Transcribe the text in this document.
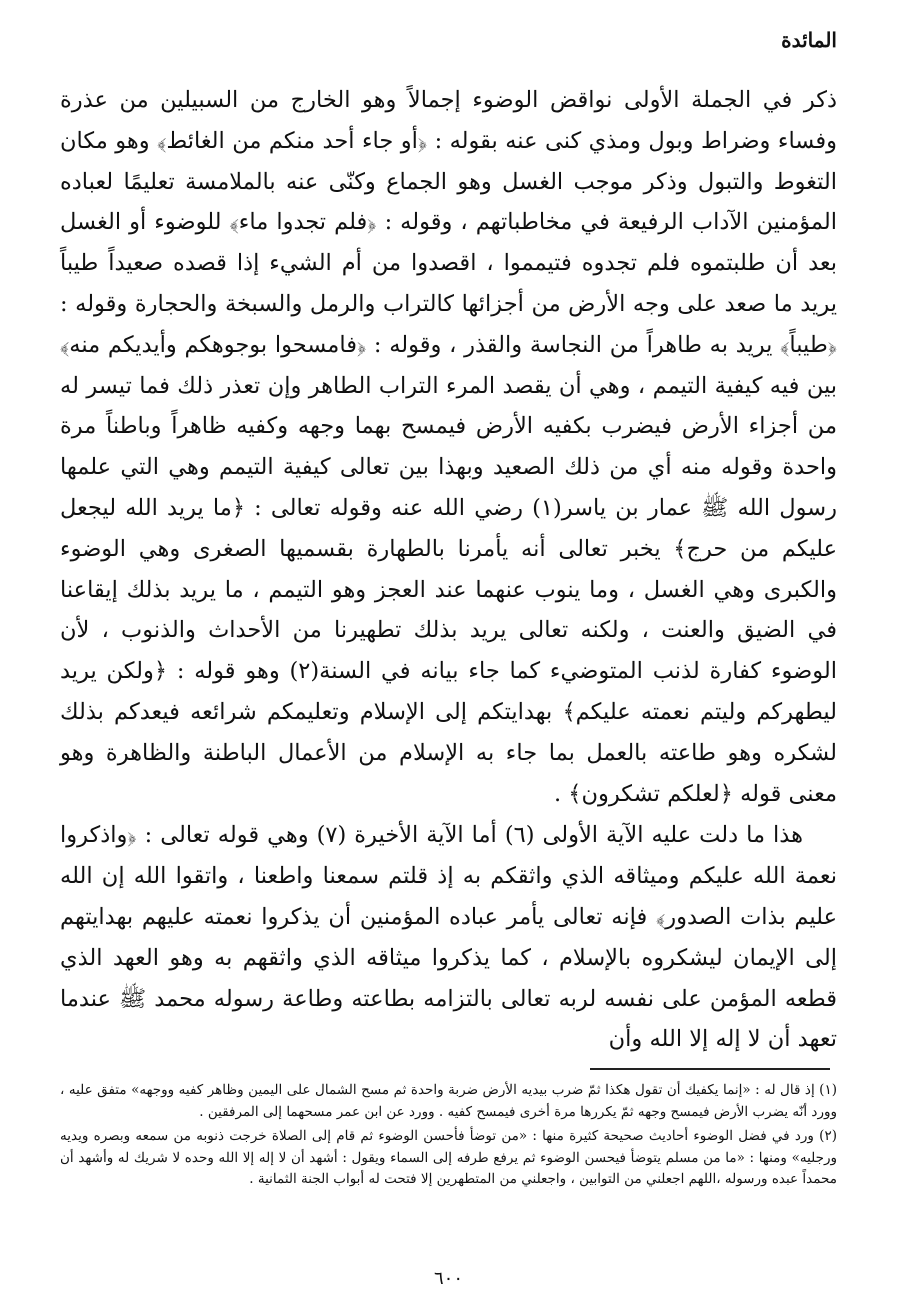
المائدة

ذكر في الجملة الأولى نواقض الوضوء إجمالاً وهو الخارج من السبيلين من عذرة وفساء وضراط وبول ومذي كنى عنه بقوله : ﴿أو جاء أحد منكم من الغائط﴾ وهو مكان التغوط والتبول وذكر موجب الغسل وهو الجماع وكنّى عنه بالملامسة تعليمًا لعباده المؤمنين الآداب الرفيعة في مخاطباتهم ، وقوله : ﴿فلم تجدوا ماء﴾ للوضوء أو الغسل بعد أن طلبتموه فلم تجدوه فتيمموا ، اقصدوا من أم الشيء إذا قصده صعيداً طيباً يريد ما صعد على وجه الأرض من أجزائها كالتراب والرمل والسبخة والحجارة وقوله : ﴿طيباً﴾ يريد به طاهراً من النجاسة والقذر ، وقوله : ﴿فامسحوا بوجوهكم وأيديكم منه﴾ بين فيه كيفية التيمم ، وهي أن يقصد المرء التراب الطاهر وإن تعذر ذلك فما تيسر له من أجزاء الأرض فيضرب بكفيه الأرض فيمسح بهما وجهه وكفيه ظاهراً وباطناً مرة واحدة وقوله منه أي من ذلك الصعيد وبهذا بين تعالى كيفية التيمم وهي التي علمها رسول الله ﷺ عمار بن ياسر(١) رضي الله عنه وقوله تعالى : ﴿ما يريد الله ليجعل عليكم من حرج﴾ يخبر تعالى أنه يأمرنا بالطهارة بقسميها الصغرى وهي الوضوء والكبرى وهي الغسل ، وما ينوب عنهما عند العجز وهو التيمم ، ما يريد بذلك إيقاعنا في الضيق والعنت ، ولكنه تعالى يريد بذلك تطهيرنا من الأحداث والذنوب ، لأن الوضوء كفارة لذنب المتوضيء كما جاء بيانه في السنة(٢) وهو قوله : ﴿ولكن يريد ليطهركم وليتم نعمته عليكم﴾ بهدايتكم إلى الإسلام وتعليمكم شرائعه فيعدكم بذلك لشكره وهو طاعته بالعمل بما جاء به الإسلام من الأعمال الباطنة والظاهرة وهو معنى قوله ﴿لعلكم تشكرون﴾ .

هذا ما دلت عليه الآية الأولى (٦) أما الآية الأخيرة (٧) وهي قوله تعالى : ﴿واذكروا نعمة الله عليكم وميثاقه الذي واثقكم به إذ قلتم سمعنا واطعنا ، واتقوا الله إن الله عليم بذات الصدور﴾ فإنه تعالى يأمر عباده المؤمنين أن يذكروا نعمته عليهم بهدايتهم إلى الإيمان ليشكروه بالإسلام ، كما يذكروا ميثاقه الذي واثقهم به وهو العهد الذي قطعه المؤمن على نفسه لربه تعالى بالتزامه بطاعته وطاعة رسوله محمد ﷺ عندما تعهد أن لا إله إلا الله وأن

(١) إذ قال له : «إنما يكفيك أن تقول هكذا ثمّ ضرب بيديه الأرض ضربة واحدة ثم مسح الشمال على اليمين وظاهر كفيه ووجهه» متفق عليه ، وورد أنّه يضرب الأرض فيمسح وجهه ثمّ يكررها مرة أخرى فيمسح كفيه . وورد عن ابن عمر مسحهما إلى المرفقين .

(٢) ورد في فضل الوضوء أحاديث صحيحة كثيرة منها : «من توضأ فأحسن الوضوء ثم قام إلى الصلاة خرجت ذنوبه من سمعه وبصره ويديه ورجليه» ومنها : «ما من مسلم يتوضأ فيحسن الوضوء ثم يرفع طرفه إلى السماء ويقول : أشهد أن لا إله إلا الله وحده لا شريك له وأشهد أن محمداً عبده ورسوله ،اللهم اجعلني من التوابين ، واجعلني من المتطهرين إلا فتحت له أبواب الجنة الثمانية .

٦٠٠
